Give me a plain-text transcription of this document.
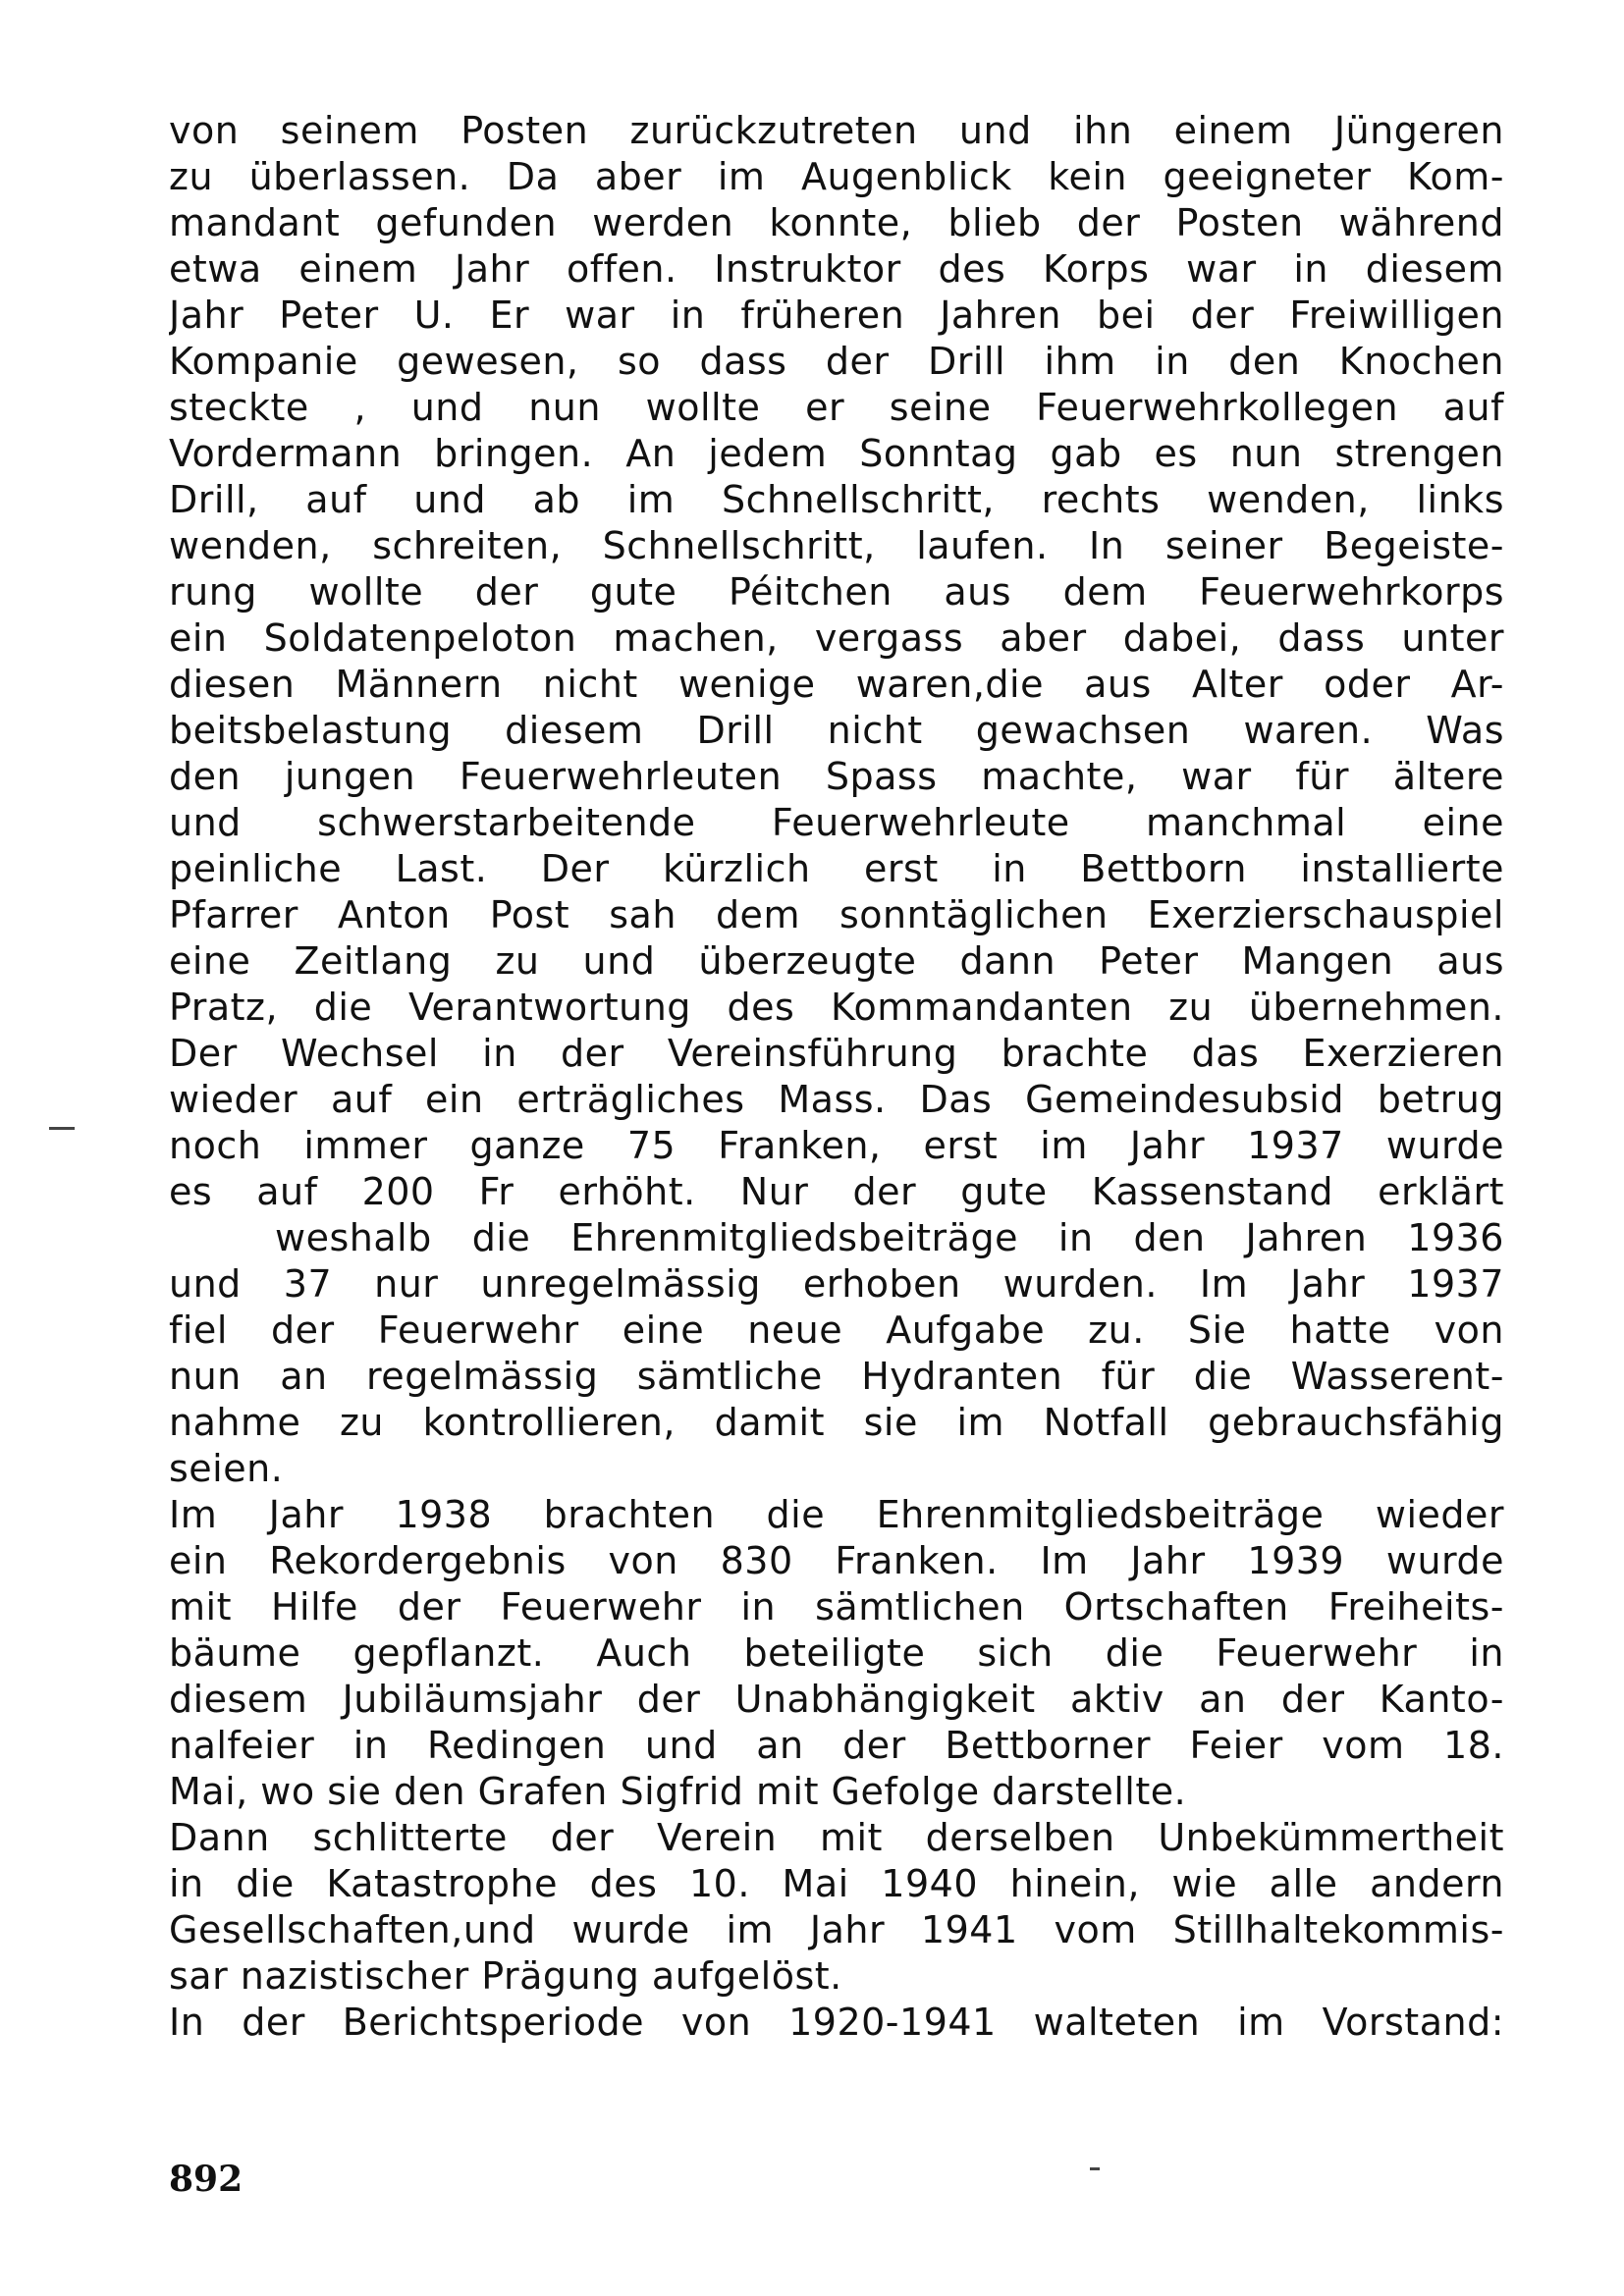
von seinem Posten zurückzutreten und ihn einem Jüngeren
zu überlassen. Da aber im Augenblick kein geeigneter Kom-
mandant gefunden werden konnte, blieb der Posten während
etwa einem Jahr offen. Instruktor des Korps war in diesem
Jahr Peter U. Er war in früheren Jahren bei der Freiwilligen
Kompanie gewesen, so dass der Drill ihm in den Knochen
steckte , und nun wollte er seine Feuerwehrkollegen auf
Vordermann bringen. An jedem Sonntag gab es nun strengen
Drill, auf und ab im Schnellschritt, rechts wenden, links
wenden, schreiten, Schnellschritt, laufen. In seiner Begeiste-
rung wollte der gute Péitchen aus dem Feuerwehrkorps
ein Soldatenpeloton machen, vergass aber dabei, dass unter
diesen Männern nicht wenige waren,die aus Alter oder Ar-
beitsbelastung diesem Drill nicht gewachsen waren. Was
den jungen Feuerwehrleuten Spass machte, war für ältere
und schwerstarbeitende Feuerwehrleute manchmal eine
peinliche Last. Der kürzlich erst in Bettborn installierte
Pfarrer Anton Post sah dem sonntäglichen Exerzierschauspiel
eine Zeitlang zu und überzeugte dann Peter Mangen aus
Pratz, die Verantwortung des Kommandanten zu übernehmen.
Der Wechsel in der Vereinsführung brachte das Exerzieren
wieder auf ein erträgliches Mass. Das Gemeindesubsid betrug
noch immer ganze 75 Franken, erst im Jahr 1937 wurde
es auf 200 Fr erhöht. Nur der gute Kassenstand erklärt
weshalb die Ehrenmitgliedsbeiträge in den Jahren 1936
und 37 nur unregelmässig erhoben wurden. Im Jahr 1937
fiel der Feuerwehr eine neue Aufgabe zu. Sie hatte von
nun an regelmässig sämtliche Hydranten für die Wasserent-
nahme zu kontrollieren, damit sie im Notfall gebrauchsfähig
seien.
Im Jahr 1938 brachten die Ehrenmitgliedsbeiträge wieder
ein Rekordergebnis von 830 Franken. Im Jahr 1939 wurde
mit Hilfe der Feuerwehr in sämtlichen Ortschaften Freiheits-
bäume gepflanzt. Auch beteiligte sich die Feuerwehr in
diesem Jubiläumsjahr der Unabhängigkeit aktiv an der Kanto-
nalfeier in Redingen und an der Bettborner Feier vom 18.
Mai, wo sie den Grafen Sigfrid mit Gefolge darstellte.
Dann schlitterte der Verein mit derselben Unbekümmertheit
in die Katastrophe des 10. Mai 1940 hinein, wie alle andern
Gesellschaften,und wurde im Jahr 1941 vom Stillhaltekommis-
sar nazistischer Prägung aufgelöst.
In der Berichtsperiode von 1920-1941 walteten im Vorstand:
892
